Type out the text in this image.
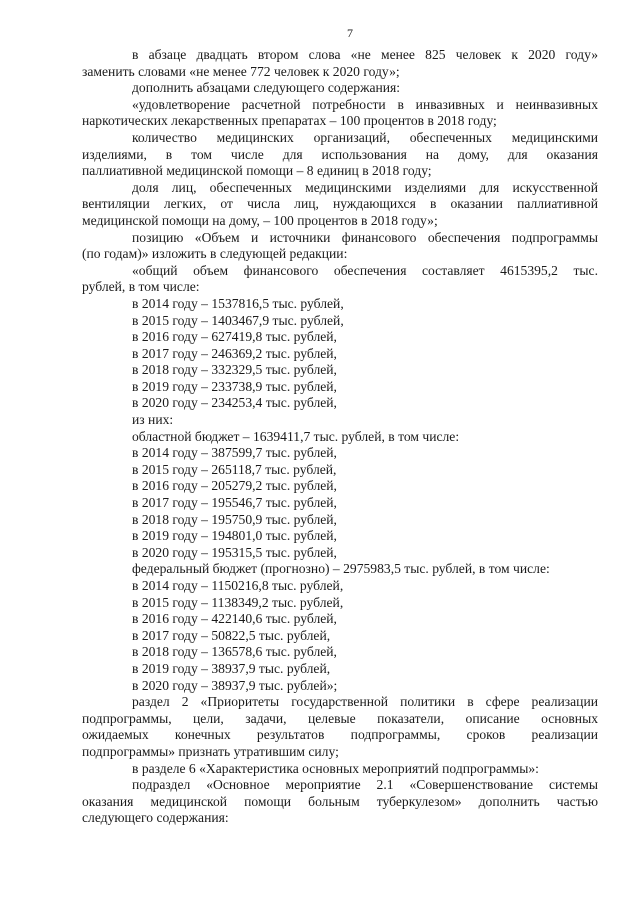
7

в абзаце двадцать втором слова «не менее 825 человек к 2020 году»

заменить словами «не менее 772 человек к 2020 году»;

дополнить абзацами следующего содержания:

«удовлетворение расчетной потребности в инвазивных и неинвазивных

наркотических лекарственных препаратах – 100 процентов в 2018 году;

количество медицинских организаций, обеспеченных медицинскими

изделиями, в том числе для использования на дому, для оказания

паллиативной медицинской помощи – 8 единиц в 2018 году;

доля лиц, обеспеченных медицинскими изделиями для искусственной

вентиляции легких, от числа лиц, нуждающихся в оказании паллиативной

медицинской помощи на дому, – 100 процентов в 2018 году»;

позицию «Объем и источники финансового обеспечения подпрограммы

(по годам)» изложить в следующей редакции:

«общий объем финансового обеспечения составляет 4615395,2 тыс.

рублей, в том числе:

в 2014 году – 1537816,5 тыс. рублей,

в 2015 году – 1403467,9 тыс. рублей,

в 2016 году – 627419,8 тыс. рублей,

в 2017 году – 246369,2 тыс. рублей,

в 2018 году – 332329,5 тыс. рублей,

в 2019 году – 233738,9 тыс. рублей,

в 2020 году – 234253,4 тыс. рублей,

из них:

областной бюджет – 1639411,7 тыс. рублей, в том числе:

в 2014 году – 387599,7 тыс. рублей,

в 2015 году – 265118,7 тыс. рублей,

в 2016 году – 205279,2 тыс. рублей,

в 2017 году – 195546,7 тыс. рублей,

в 2018 году – 195750,9 тыс. рублей,

в 2019 году – 194801,0 тыс. рублей,

в 2020 году – 195315,5 тыс. рублей,

федеральный бюджет (прогнозно) – 2975983,5 тыс. рублей, в том числе:

в 2014 году – 1150216,8 тыс. рублей,

в 2015 году – 1138349,2 тыс. рублей,

в 2016 году – 422140,6 тыс. рублей,

в 2017 году – 50822,5 тыс. рублей,

в 2018 году – 136578,6 тыс. рублей,

в 2019 году – 38937,9 тыс. рублей,

в 2020 году – 38937,9 тыс. рублей»;

раздел 2 «Приоритеты государственной политики в сфере реализации

подпрограммы, цели, задачи, целевые показатели, описание основных

ожидаемых конечных результатов подпрограммы, сроков реализации

подпрограммы» признать утратившим силу;

в разделе 6 «Характеристика основных мероприятий подпрограммы»:

подраздел «Основное мероприятие 2.1 «Совершенствование системы

оказания медицинской помощи больным туберкулезом» дополнить частью

следующего содержания:
